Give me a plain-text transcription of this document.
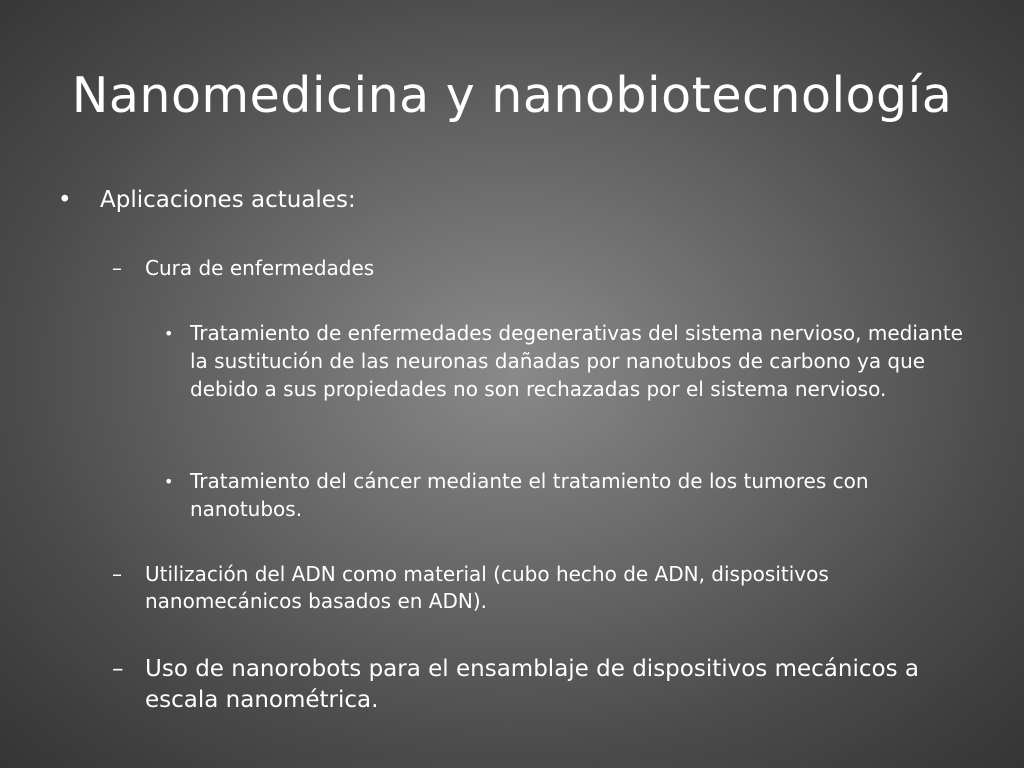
Nanomedicina y nanobiotecnología
•	Aplicaciones actuales:
–	Cura de enfermedades
• Tratamiento de enfermedades degenerativas del sistema nervioso, mediante la sustitución de las neuronas dañadas por nanotubos de carbono ya que debido a sus propiedades no son rechazadas por el sistema nervioso.
• Tratamiento del cáncer mediante el tratamiento de los tumores con nanotubos.
–	Utilización del ADN como material (cubo hecho de ADN, dispositivos nanomecánicos basados en ADN).
– Uso de nanorobots para el ensamblaje de dispositivos mecánicos a escala nanométrica.
